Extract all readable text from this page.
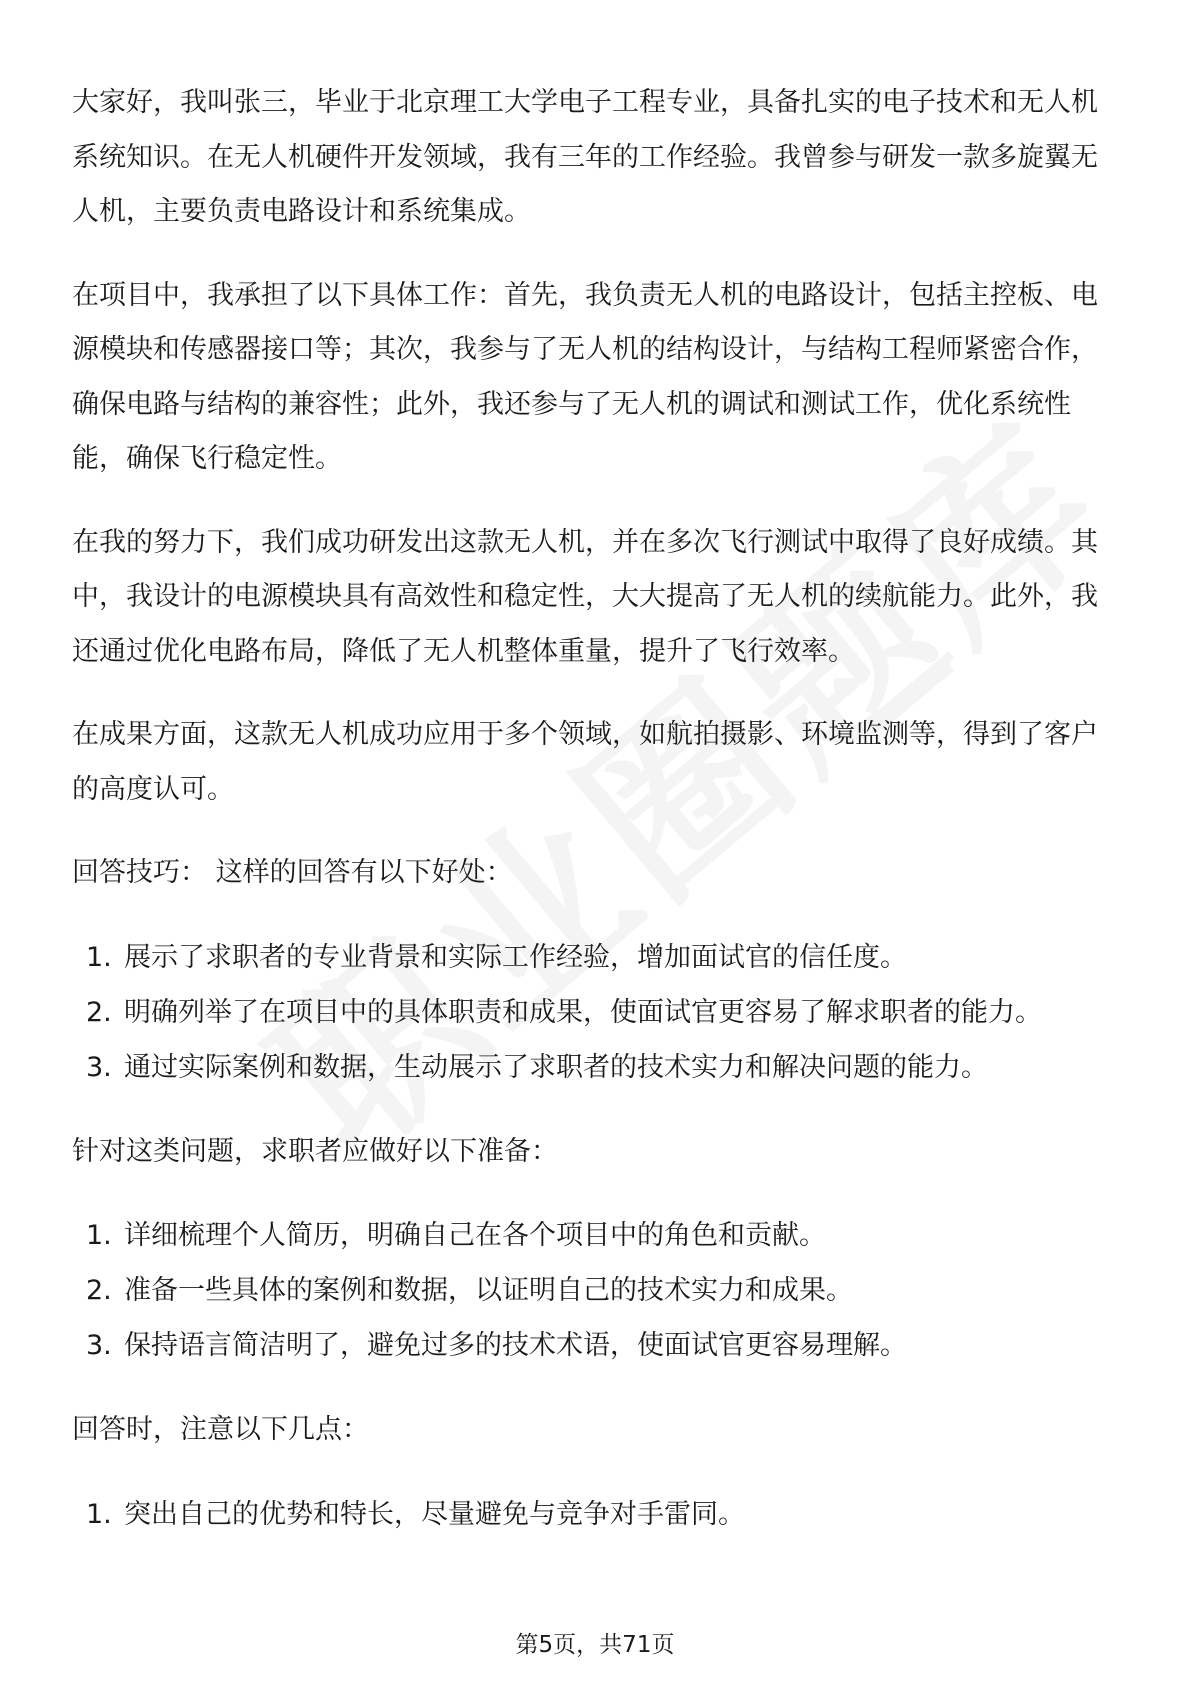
大家好，我叫张三，毕业于北京理工大学电子工程专业，具备扎实的电子技术和无人机系统知识。在无人机硬件开发领域，我有三年的工作经验。我曾参与研发一款多旋翼无人机，主要负责电路设计和系统集成。

在项目中，我承担了以下具体工作：首先，我负责无人机的电路设计，包括主控板、电源模块和传感器接口等；其次，我参与了无人机的结构设计，与结构工程师紧密合作，确保电路与结构的兼容性；此外，我还参与了无人机的调试和测试工作，优化系统性能，确保飞行稳定性。

在我的努力下，我们成功研发出这款无人机，并在多次飞行测试中取得了良好成绩。其中，我设计的电源模块具有高效性和稳定性，大大提高了无人机的续航能力。此外，我还通过优化电路布局，降低了无人机整体重量，提升了飞行效率。

在成果方面，这款无人机成功应用于多个领域，如航拍摄影、环境监测等，得到了客户的高度认可。

回答技巧： 这样的回答有以下好处：

1. 展示了求职者的专业背景和实际工作经验，增加面试官的信任度。
2. 明确列举了在项目中的具体职责和成果，使面试官更容易了解求职者的能力。
3. 通过实际案例和数据，生动展示了求职者的技术实力和解决问题的能力。

针对这类问题，求职者应做好以下准备：

1. 详细梳理个人简历，明确自己在各个项目中的角色和贡献。
2. 准备一些具体的案例和数据，以证明自己的技术实力和成果。
3. 保持语言简洁明了，避免过多的技术术语，使面试官更容易理解。

回答时，注意以下几点：

1. 突出自己的优势和特长，尽量避免与竞争对手雷同。
第5页，共71页
